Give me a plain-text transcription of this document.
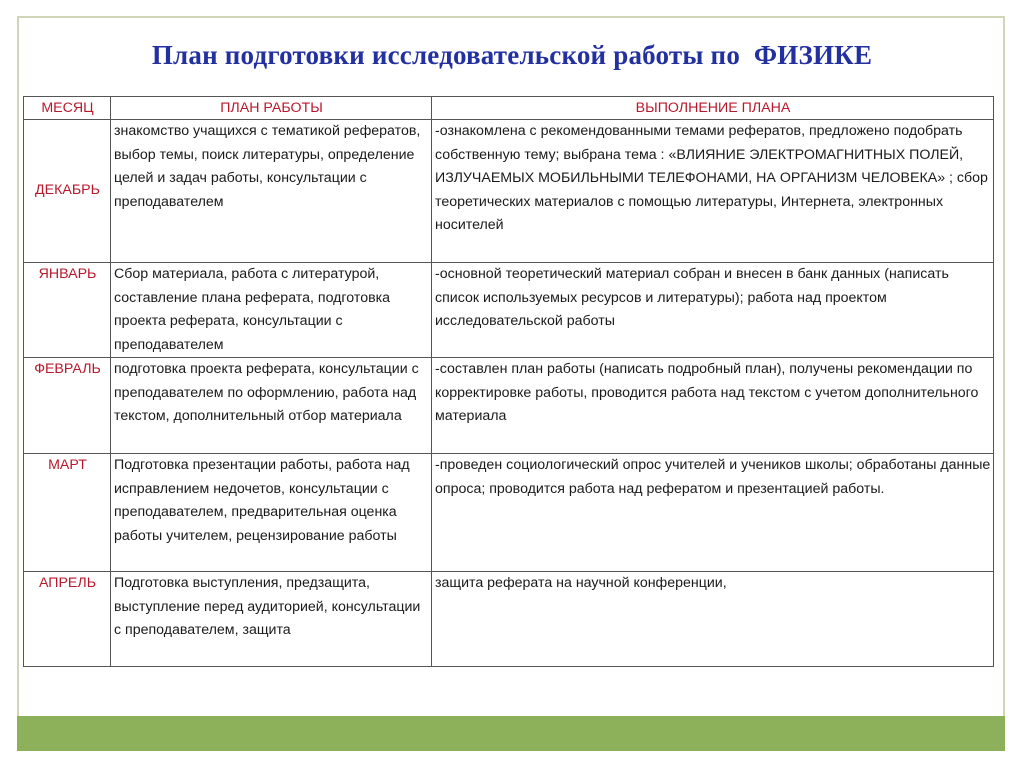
План подготовки исследовательской работы по  ФИЗИКЕ
МЕСЯЦ	ПЛАН РАБОТЫ	ВЫПОЛНЕНИЕ ПЛАНА
ДЕКАБРЬ	знакомство учащихся с тематикой рефератов, выбор темы, поиск литературы, определение целей и задач работы, консультации с преподавателем	-ознакомлена с рекомендованными темами рефератов, предложено подобрать собственную тему; выбрана тема : «ВЛИЯНИЕ ЭЛЕКТРОМАГНИТНЫХ ПОЛЕЙ, ИЗЛУЧАЕМЫХ МОБИЛЬНЫМИ ТЕЛЕФОНАМИ, НА ОРГАНИЗМ ЧЕЛОВЕКА» ; сбор теоретических материалов с помощью литературы, Интернета, электронных носителей
ЯНВАРЬ	Сбор материала, работа с литературой, составление плана реферата, подготовка проекта реферата, консультации с преподавателем	-основной теоретический материал собран и внесен в банк данных (написать список используемых ресурсов и литературы); работа над проектом исследовательской работы
ФЕВРАЛЬ	подготовка проекта реферата, консультации с преподавателем по оформлению, работа над текстом, дополнительный отбор материала	-составлен план работы (написать подробный план), получены рекомендации по корректировке работы, проводится работа над текстом с учетом дополнительного материала
МАРТ	Подготовка презентации работы, работа над исправлением недочетов, консультации с преподавателем, предварительная оценка работы учителем, рецензирование работы	-проведен социологический опрос учителей и учеников школы; обработаны данные опроса; проводится работа над рефератом и презентацией работы.
АПРЕЛЬ	Подготовка выступления, предзащита, выступление перед аудиторией, консультации с преподавателем, защита	защита реферата на научной конференции,
